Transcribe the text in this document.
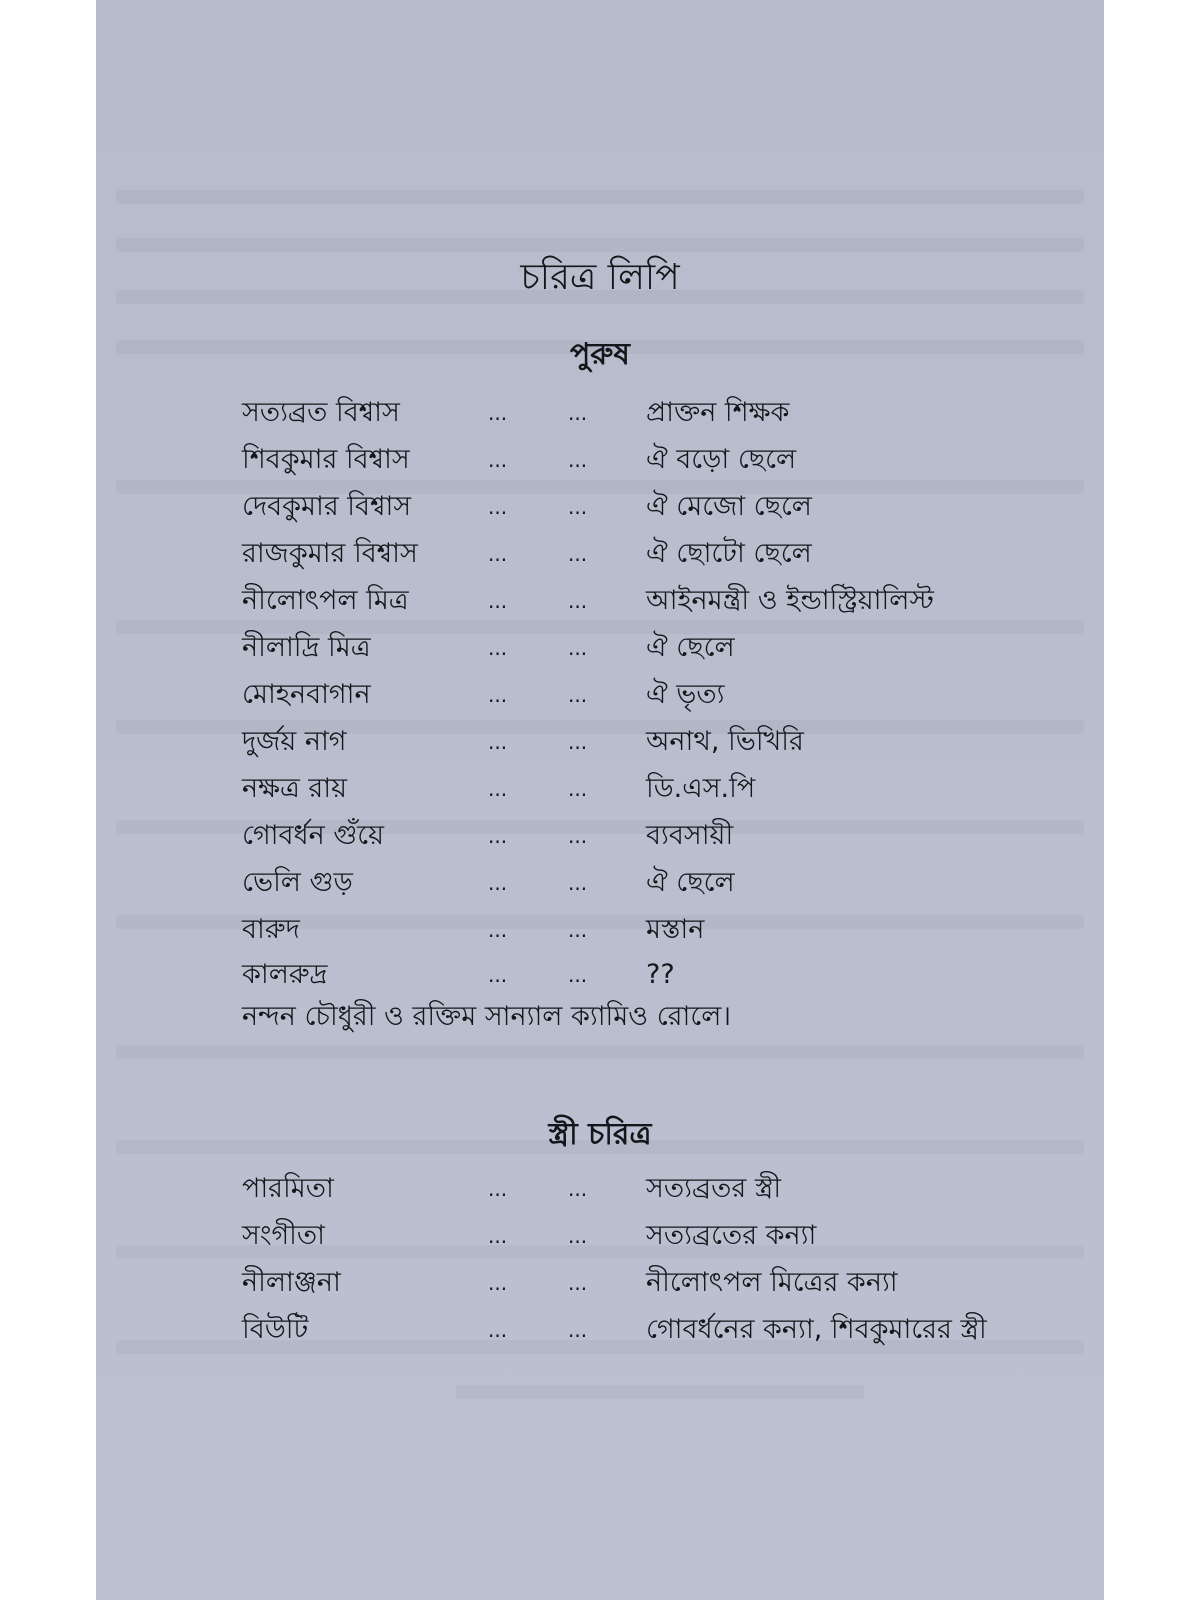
চরিত্র লিপি
পুরুষ
সত্যব্রত বিশ্বাস	...	... প্রাক্তন শিক্ষক
শিবকুমার বিশ্বাস	...	... ঐ বড়ো ছেলে
দেবকুমার বিশ্বাস	...	... ঐ মেজো ছেলে
রাজকুমার বিশ্বাস	...	... ঐ ছোটো ছেলে
নীলোৎপল মিত্র	...	... আইনমন্ত্রী ও ইন্ডাস্ট্রিয়ালিস্ট
নীলাদ্রি মিত্র	...	... ঐ ছেলে
মোহনবাগান	...	... ঐ ভৃত্য
দুর্জয় নাগ	...	... অনাথ, ভিখিরি
নক্ষত্র রায়	...	... ডি.এস.পি
গোবর্ধন গুঁয়ে	...	... ব্যবসায়ী
ভেলি গুড়	...	... ঐ ছেলে
বারুদ	...	... মস্তান
কালরুদ্র	...	... ??
নন্দন চৌধুরী ও রক্তিম সান্যাল ক্যামিও রোলে।
স্ত্রী চরিত্র
পারমিতা	...	... সত্যব্রতর স্ত্রী
সংগীতা	...	... সত্যব্রতের কন্যা
নীলাঞ্জনা	...	... নীলোৎপল মিত্রের কন্যা
বিউটি	...	... গোবর্ধনের কন্যা, শিবকুমারের স্ত্রী
